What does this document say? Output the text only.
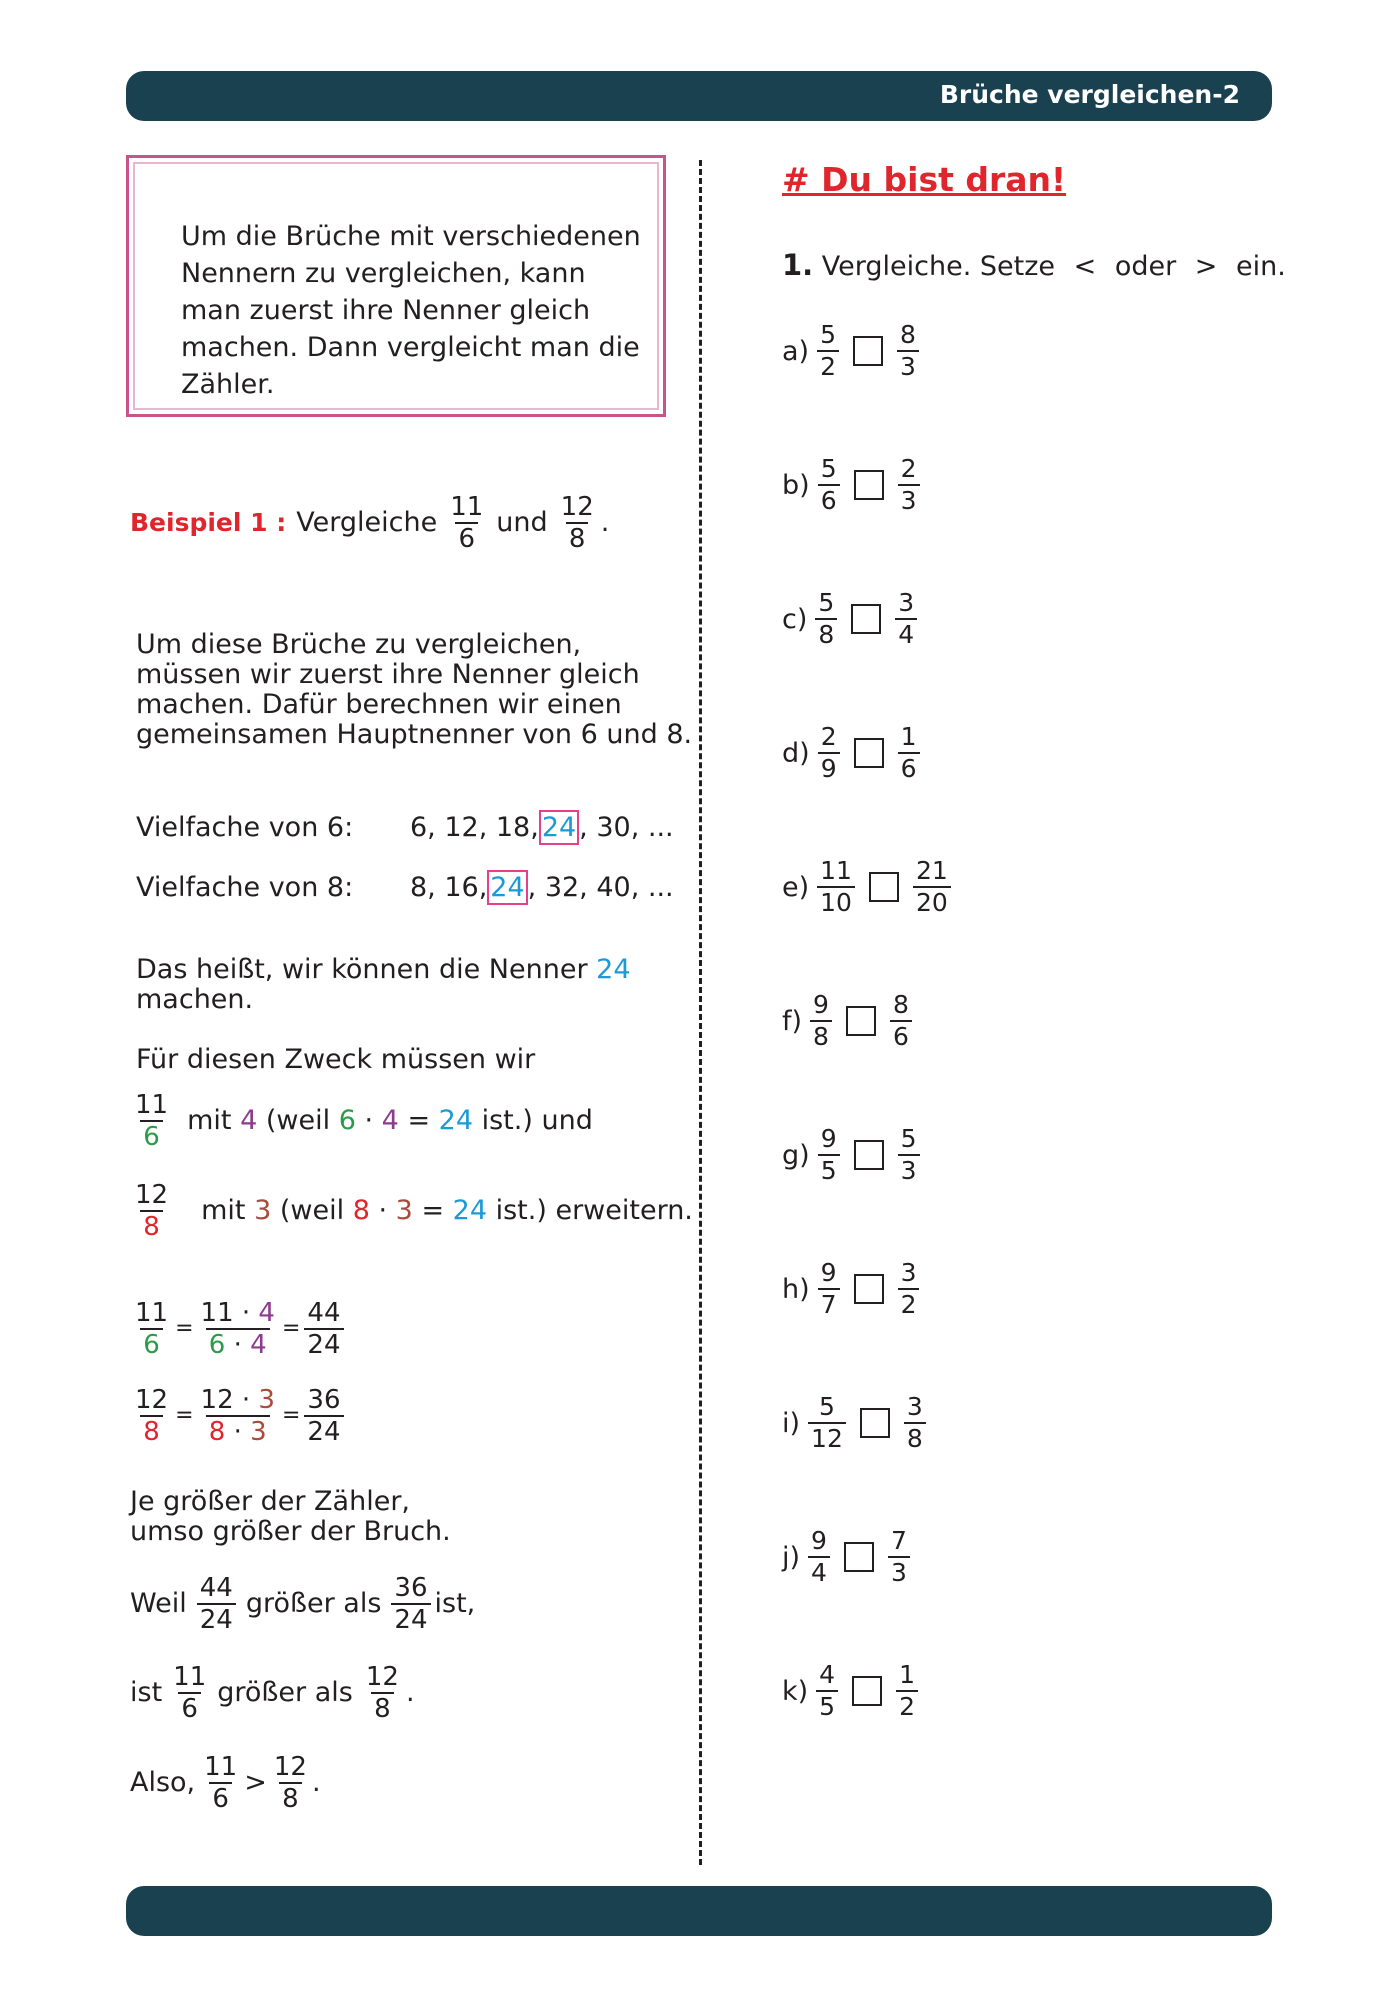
Brüche vergleichen-2
Um die Brüche mit verschiedenen Nennern zu vergleichen, kann man zuerst ihre Nenner gleich machen. Dann vergleicht man die Zähler.
Beispiel 1 : Vergleiche $\frac{11}{6}$ und $\frac{12}{8}$ .
Um diese Brüche zu vergleichen,
müssen wir zuerst ihre Nenner gleich
machen. Dafür berechnen wir einen
gemeinsamen Hauptnenner von 6 und 8.
Vielfache von 6: 6, 12, 18, 24 , 30, ...
Vielfache von 8: 8, 16, 24 , 32, 40, ...
Das heißt, wir können die Nenner 24
machen.
Für diesen Zweck müssen wir
$\frac{11}{6}$ mit 4 (weil 6 · 4 = 24 ist.) und
$\frac{12}{8}$ mit 3 (weil 8 · 3 = 24 ist.) erweitern.
$\frac{11}{6} = \frac{11 \cdot 4}{6 \cdot 4} = \frac{44}{24}$
$\frac{12}{8} = \frac{12 \cdot 3}{8 \cdot 3} = \frac{36}{24}$
Je größer der Zähler,
umso größer der Bruch.
Weil $\frac{44}{24}$ größer als $\frac{36}{24}$ ist,
ist $\frac{11}{6}$ größer als $\frac{12}{8}$ .
Also, $\frac{11}{6} > \frac{12}{8}$ .
# Du bist dran!
1. Vergleiche. Setze < oder > ein.
$a) \frac{5}{2} \frac{8}{3}$
$b) \frac{5}{6} \frac{2}{3}$
$c) \frac{5}{8} \frac{3}{4}$
$d) \frac{2}{9} \frac{1}{6}$
$e) \frac{11}{10} \frac{21}{20}$
$f) \frac{9}{8} \frac{8}{6}$
$g) \frac{9}{5} \frac{5}{3}$
$h) \frac{9}{7} \frac{3}{2}$
$i) \frac{5}{12} \frac{3}{8}$
$j) \frac{9}{4} \frac{7}{3}$
$k) \frac{4}{5} \frac{1}{2}$
